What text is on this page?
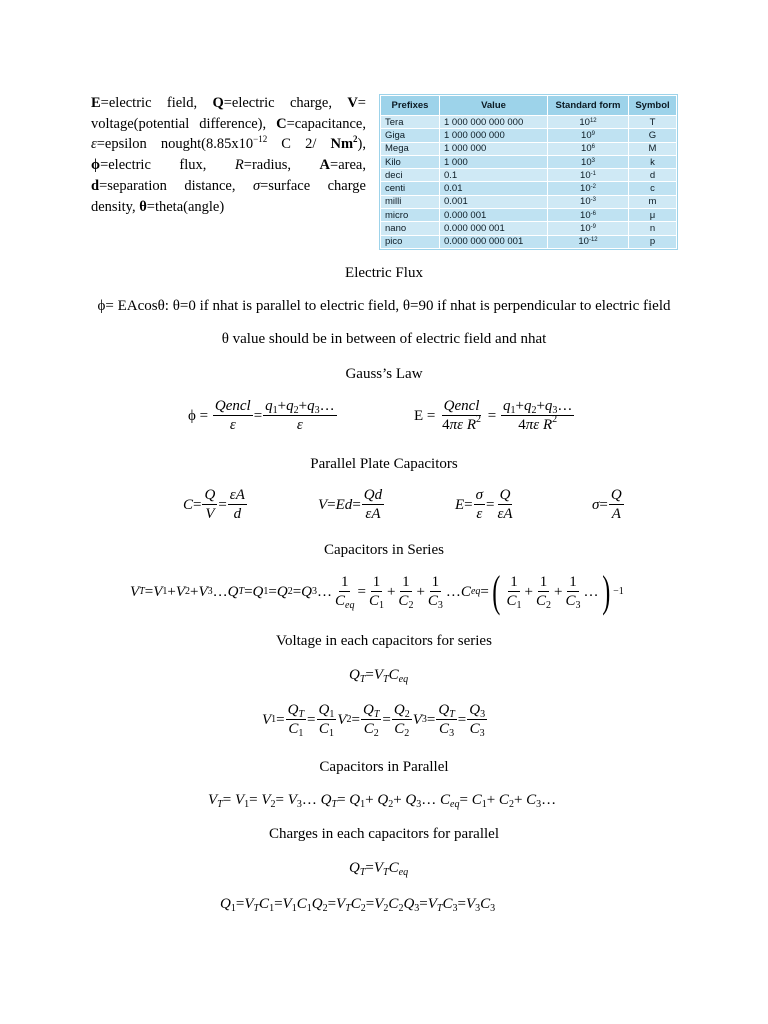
E=electric field, Q=electric charge, V= voltage(potential difference), C=capacitance, ε=epsilon $nought(8.85x10^{-12}$ C 2/ Nm$^2$), ϕ=electric flux, R=radius, A=area, d=separation distance, σ=surface charge density, θ=theta(angle)
Prefixes	Value	Standard form	Symbol
Tera	1 000 000 000 000	$10^{12}$	T
Giga	1 000 000 000	$10^9$	G
Mega	1 000 000	$10^6$	M
Kilo	1 000	$10^3$	k
deci	0.1	$10^{-1}$	d
centi	0.01	$10^{-2}$	c
milli	0.001	$10^{-3}$	m
micro	0.000 001	$10^{-6}$	μ
nano	0.000 000 001	$10^{-9}$	n
pico	0.000 000 000 001	$10^{-12}$	p
Electric Flux
ϕ= EAcosθ: θ=0 if nhat is parallel to electric field, θ=90 if nhat is perpendicular to electric field
θ value should be in between of electric field and nhat
Gauss’s Law
ϕ
=
$\frac{\text{Qencl}}{\varepsilon} = \frac{q_1+q_2+q_3\dots}{\varepsilon}$	E
=
$\frac{\text{Qencl}}{4\pi\varepsilon R^2}$
=
$\frac{q_1+q_2+q_3\dots}{4\pi\varepsilon R^2}$
Parallel Plate Capacitors
$C = \frac{Q}{V} = \frac{\varepsilon A}{d}$	$V = Ed = \frac{Qd}{\varepsilon A}$	$E = \frac{\sigma}{\varepsilon} = \frac{Q}{\varepsilon A}$	$\sigma = \frac{Q}{A}$
Capacitors in Series
V T = V 1 + V 2 + V 3 … Q T = Q 1 = Q 2 = Q 3 … $\frac{1}{C_{eq}} = \frac{1}{C_1} + \frac{1}{C_2} + \frac{1}{C_3}$ … C eq = ( $\frac{1}{C_1} + \frac{1}{C_2} + \frac{1}{C_3}$ … ) −1
Voltage in each capacitors for series
$Q_T=V_TC_{eq}$
V $1 = \frac{Q_T}{C_1} = \frac{Q_1}{C_1}$ V $2 = \frac{Q_T}{C_2} = \frac{Q_2}{C_2}$ V $3 = \frac{Q_T}{C_3} = \frac{Q_3}{C_3}$
Capacitors in Parallel
$V_T= V_1= V_2=$ $V_3\dots$ $Q_T= Q_1+ Q_2+$ $Q_3\dots$ $C_{eq}= C_1+ C_2+$ $C_3\dots$
Charges in each capacitors for parallel
$Q_T=V_TC_{eq}$
$Q_1=V_TC_1=V_1C_1Q_2=V_TC_2=V_2C_2Q_3=V_TC_3=V_3C_3$
